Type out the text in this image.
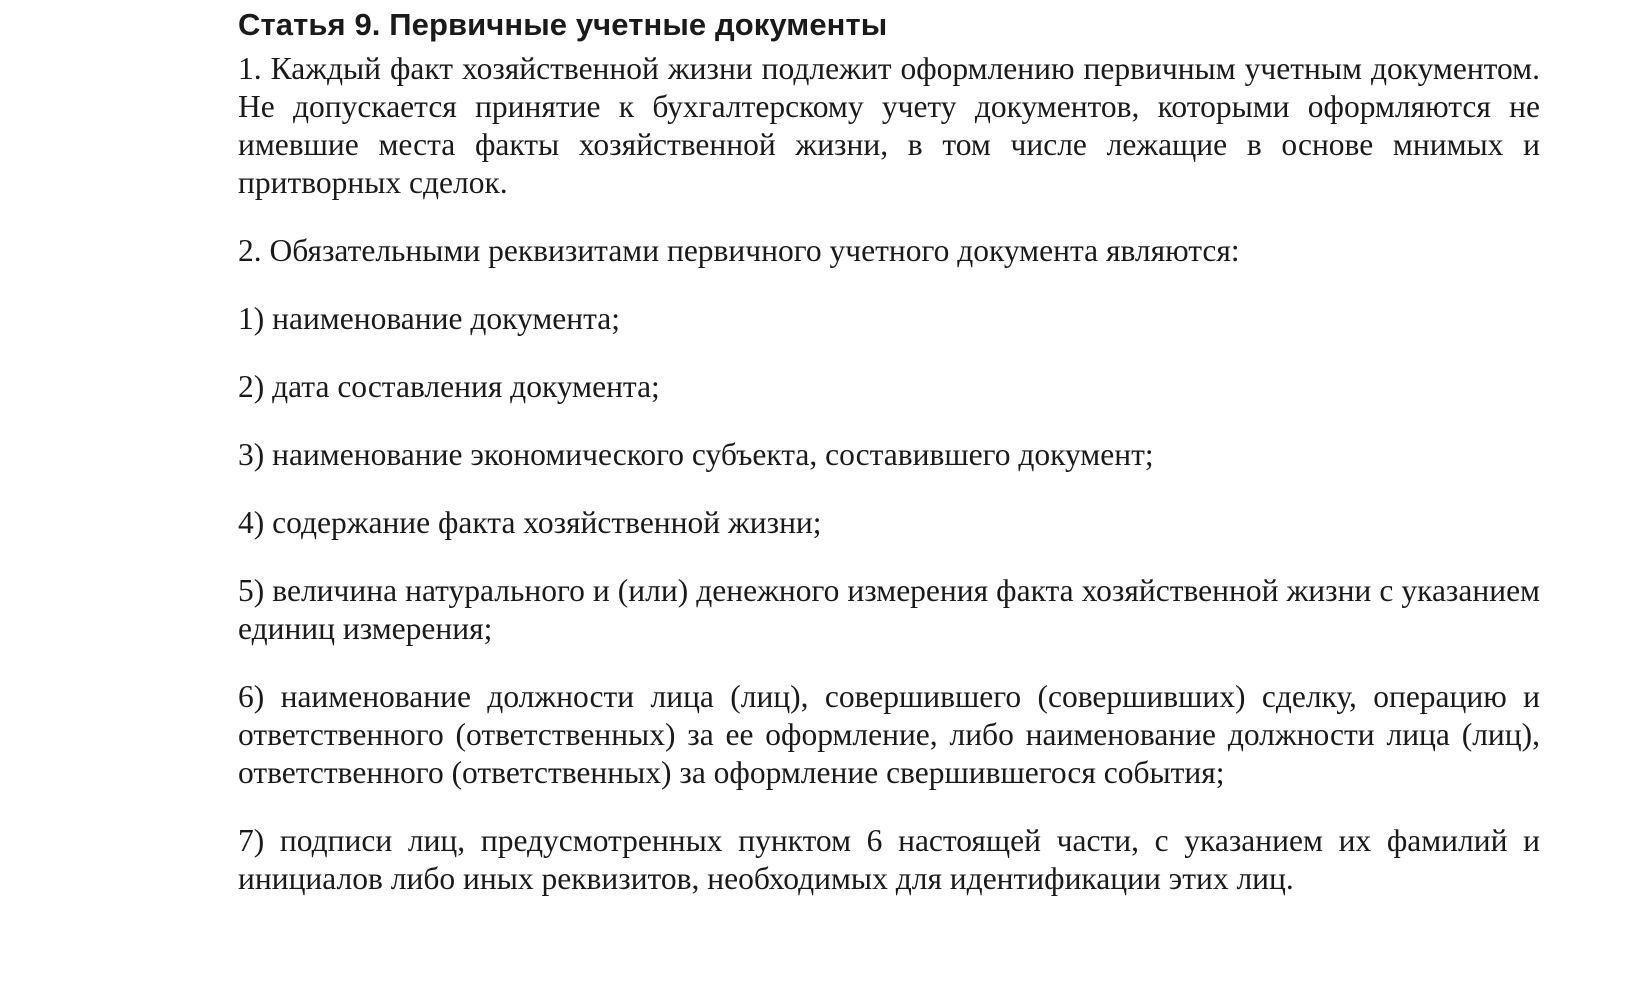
Статья 9. Первичные учетные документы

1. Каждый факт хозяйственной жизни подлежит оформлению первичным учетным документом. Не допускается принятие к бухгалтерскому учету документов, которыми оформляются не имевшие места факты хозяйственной жизни, в том числе лежащие в основе мнимых и притворных сделок.

2. Обязательными реквизитами первичного учетного документа являются:

1) наименование документа;

2) дата составления документа;

3) наименование экономического субъекта, составившего документ;

4) содержание факта хозяйственной жизни;

5) величина натурального и (или) денежного измерения факта хозяйственной жизни с указанием единиц измерения;

6) наименование должности лица (лиц), совершившего (совершивших) сделку, операцию и ответственного (ответственных) за ее оформление, либо наименование должности лица (лиц), ответственного (ответственных) за оформление свершившегося события;

7) подписи лиц, предусмотренных пунктом 6 настоящей части, с указанием их фамилий и инициалов либо иных реквизитов, необходимых для идентификации этих лиц.
